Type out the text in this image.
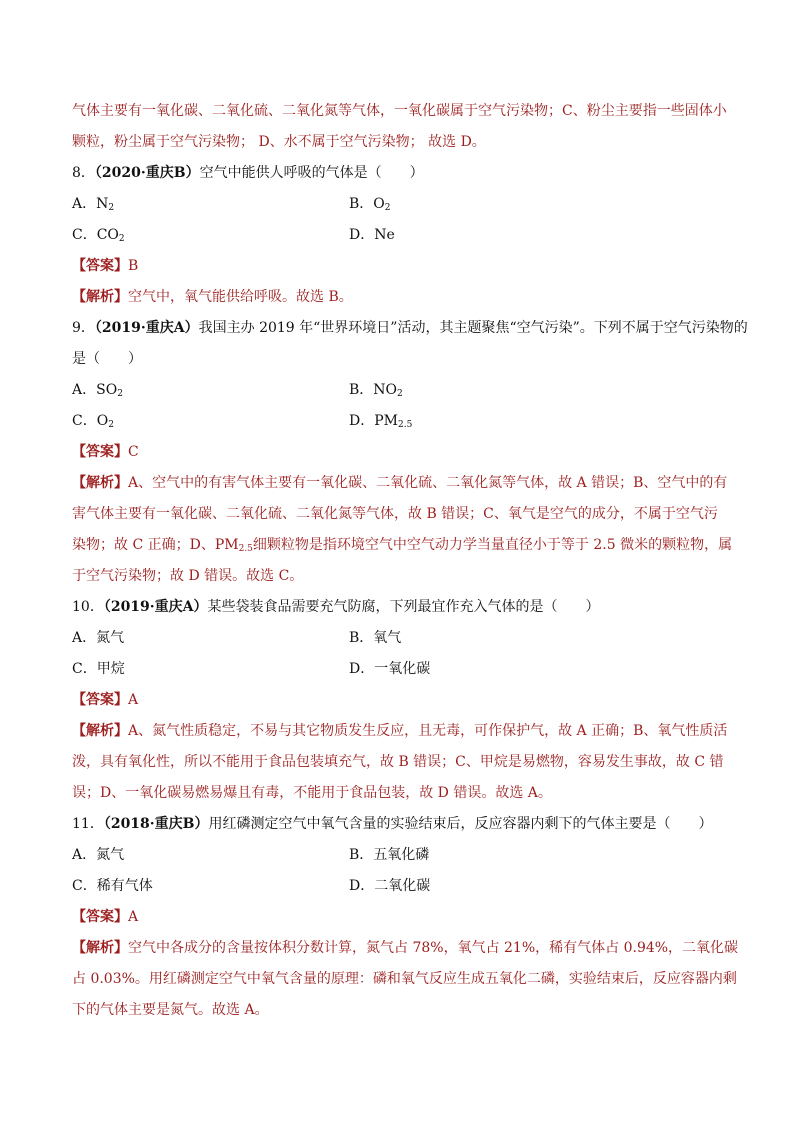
气体主要有一氧化碳、二氧化硫、二氧化氮等气体，一氧化碳属于空气污染物；C、粉尘主要指一些固体小
颗粒，粉尘属于空气污染物； D、水不属于空气污染物； 故选 D。
8．（2020·重庆B）空气中能供人呼吸的气体是（　　）
A．$N_2$	B．$O_2$
C．$CO_2$	D．Ne
【答案】B
【解析】空气中，氧气能供给呼吸。故选 B。
9．（2019·重庆A）我国主办 2019 年“世界环境日”活动，其主题聚焦“空气污染”。下列不属于空气污染物的
是（　　）
A．$SO_2$	B．$NO_2$
C．$O_2$	D．$PM_{2.5}$
【答案】C
【解析】A、空气中的有害气体主要有一氧化碳、二氧化硫、二氧化氮等气体，故 A 错误；B、空气中的有
害气体主要有一氧化碳、二氧化硫、二氧化氮等气体，故 B 错误；C、氧气是空气的成分，不属于空气污
染物；故 C 正确；D、$PM_{2.5}$细颗粒物是指环境空气中空气动力学当量直径小于等于 2.5 微米的颗粒物，属
于空气污染物；故 D 错误。故选 C。
10．（2019·重庆A）某些袋装食品需要充气防腐，下列最宜作充入气体的是（　　）
A．氮气	B．氧气
C．甲烷	D．一氧化碳
【答案】A
【解析】A、氮气性质稳定，不易与其它物质发生反应，且无毒，可作保护气，故 A 正确；B、氧气性质活
泼，具有氧化性，所以不能用于食品包装填充气，故 B 错误；C、甲烷是易燃物，容易发生事故，故 C 错
误；D、一氧化碳易燃易爆且有毒，不能用于食品包装，故 D 错误。故选 A。
11．（2018·重庆B）用红磷测定空气中氧气含量的实验结束后，反应容器内剩下的气体主要是（　　）
A．氮气	B．五氧化磷
C．稀有气体	D．二氧化碳
【答案】A
【解析】空气中各成分的含量按体积分数计算，氮气占 78%，氧气占 21%，稀有气体占 0.94%，二氧化碳
占 0.03%。用红磷测定空气中氧气含量的原理：磷和氧气反应生成五氧化二磷，实验结束后，反应容器内剩
下的气体主要是氮气。故选 A。
